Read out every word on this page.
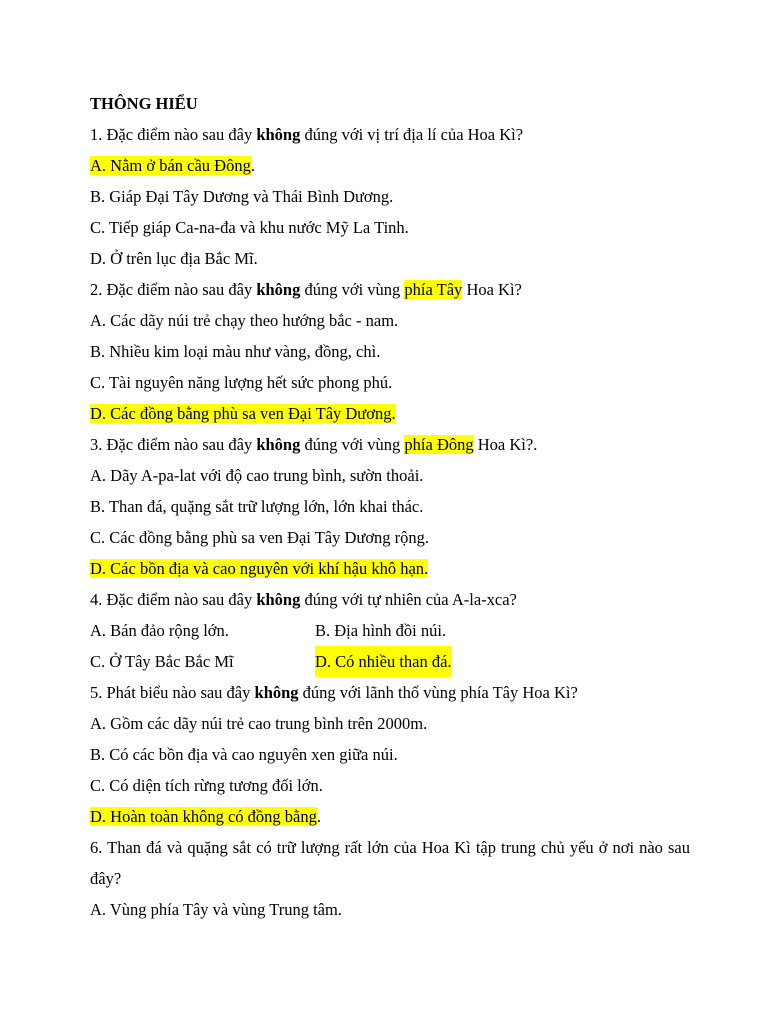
THÔNG HIỂU
1. Đặc điểm nào sau đây không đúng với vị trí địa lí của Hoa Kì?
A. Nằm ở bán cầu Đông.
B. Giáp Đại Tây Dương và Thái Bình Dương.
C. Tiếp giáp Ca-na-đa và khu nước Mỹ La Tinh.
D. Ở trên lục địa Bắc Mĩ.
2. Đặc điểm nào sau đây không đúng với vùng phía Tây Hoa Kì?
A. Các dãy núi trẻ chạy theo hướng bắc - nam.
B. Nhiều kim loại màu như vàng, đồng, chì.
C. Tài nguyên năng lượng hết sức phong phú.
D. Các đồng bằng phù sa ven Đại Tây Dương.
3. Đặc điểm nào sau đây không đúng với vùng phía Đông Hoa Kì?.
A. Dãy A-pa-lat với độ cao trung bình, sườn thoải.
B. Than đá, quặng sắt trữ lượng lớn, lớn khai thác.
C. Các đồng bằng phù sa ven Đại Tây Dương rộng.
D. Các bồn địa và cao nguyên với khí hậu khô hạn.
4. Đặc điểm nào sau đây không đúng với tự nhiên của A-la-xca?
A. Bán đảo rộng lớn.	B. Địa hình đồi núi.
C. Ở Tây Bắc Bắc Mĩ	D. Có nhiều than đá.
5. Phát biểu nào sau đây không đúng với lãnh thổ vùng phía Tây Hoa Kì?
A. Gồm các dãy núi trẻ cao trung bình trên 2000m.
B. Có các bồn địa và cao nguyên xen giữa núi.
C. Có diện tích rừng tương đối lớn.
D. Hoàn toàn không có đồng bằng.
6. Than đá và quặng sắt có trữ lượng rất lớn của Hoa Kì tập trung chủ yếu ở nơi nào sau đây?
A. Vùng phía Tây và vùng Trung tâm.
